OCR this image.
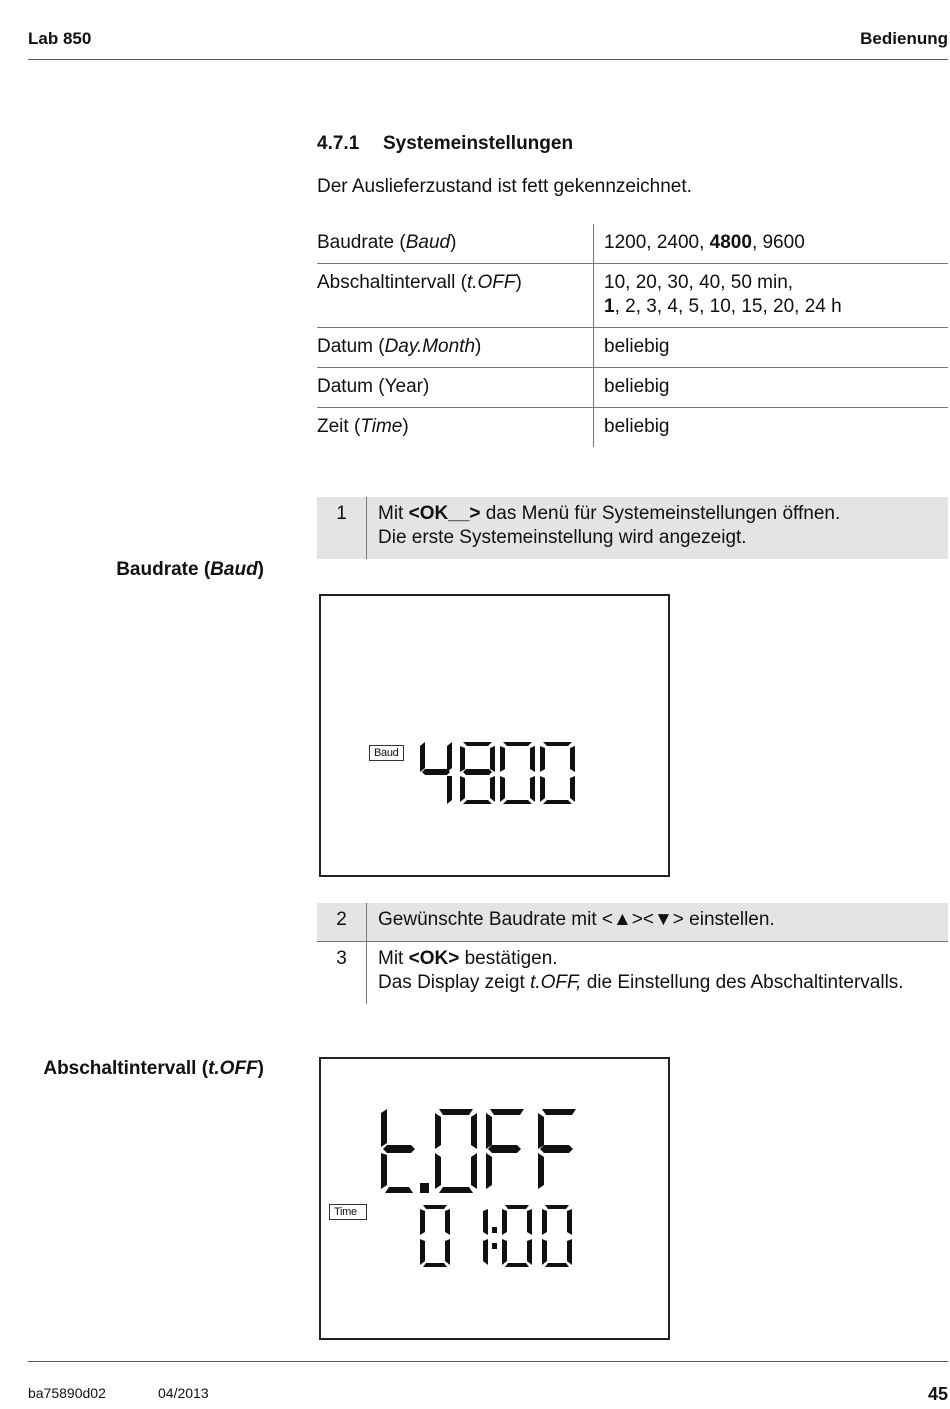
Lab 850	Bedienung
4.7.1 Systemeinstellungen
Der Auslieferzustand ist fett gekennzeichnet.
Baudrate (Baud)	1200, 2400, 4800, 9600
Abschaltintervall (t.OFF)	10, 20, 30, 40, 50 min,
1, 2, 3, 4, 5, 10, 15, 20, 24 h

Datum (Day.Month)	beliebig
Datum (Year)	beliebig
Zeit (Time)	beliebig
1	Mit <OK__> das Menü für Systemeinstellungen öffnen.
Die erste Systemeinstellung wird angezeigt.
Baudrate (Baud)
Baud
2	Gewünschte Baudrate mit <▲><▼> einstellen.
3	Mit <OK> bestätigen.
Das Display zeigt t.OFF, die Einstellung des Abschaltintervalls.
Abschaltintervall (t.OFF)
Time
ba75890d02	04/2013	45
